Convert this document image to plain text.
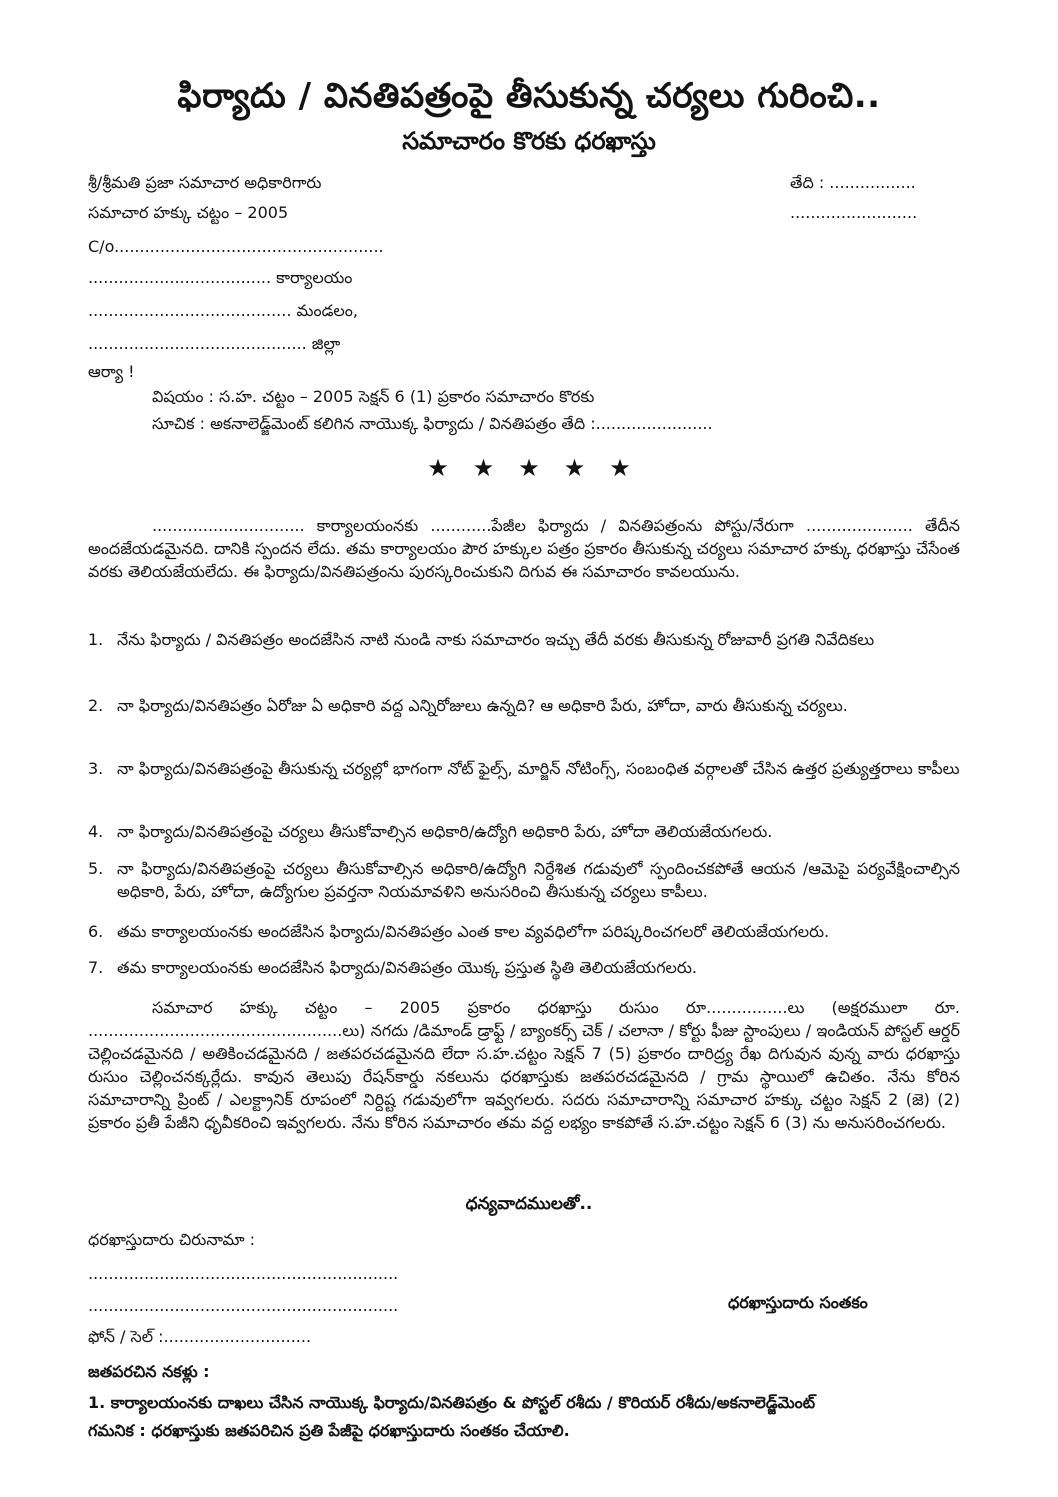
ఫిర్యాదు / వినతిపత్రంపై తీసుకున్న చర్యలు గురించి..
సమాచారం కొరకు ధరఖాస్తు
శ్రీ/శ్రీమతి ప్రజా సమాచార అధికారిగారు	తేది : .................
సమాచార హక్కు చట్టం – 2005	.........................
C/o.....................................................
.................................... కార్యాలయం
........................................ మండలం,
........................................... జిల్లా
ఆర్యా !
విషయం : స.హ. చట్టం – 2005 సెక్షన్ 6 (1) ప్రకారం సమాచారం కొరకు
సూచిక : అకనాలెడ్జ్‌మెంట్ కలిగిన నాయొక్క ఫిర్యాదు / వినతిపత్రం తేది :.......................
★★★★★
.............................. కార్యాలయంనకు ............పేజీల ఫిర్యాదు / వినతిపత్రంను పోస్టు/నేరుగా ..................... తేదీన అందజేయడమైనది. దానికి స్పందన లేదు. తమ కార్యాలయం పౌర హక్కుల పత్రం ప్రకారం తీసుకున్న చర్యలు సమాచార హక్కు ధరఖాస్తు చేసేంత వరకు తెలియజేయలేదు. ఈ ఫిర్యాదు/వినతిపత్రంను పురస్కరించుకుని దిగువ ఈ సమాచారం కావలయును.
1. నేను ఫిర్యాదు / వినతిపత్రం అందజేసిన నాటి నుండి నాకు సమాచారం ఇచ్చు తేదీ వరకు తీసుకున్న రోజువారీ ప్రగతి నివేదికలు
2. నా ఫిర్యాదు/వినతిపత్రం ఏరోజు ఏ అధికారి వద్ద ఎన్నిరోజులు ఉన్నది? ఆ అధికారి పేరు, హోదా, వారు తీసుకున్న చర్యలు.
3. నా ఫిర్యాదు/వినతిపత్రంపై తీసుకున్న చర్యల్లో భాగంగా నోట్ ఫైల్స్, మార్జిన్ నోటింగ్స్, సంబంధిత వర్గాలతో చేసిన ఉత్తర ప్రత్యుత్తరాలు కాపీలు
4. నా ఫిర్యాదు/వినతిపత్రంపై చర్యలు తీసుకోవాల్సిన అధికారి/ఉద్యోగి అధికారి పేరు, హోదా తెలియజేయగలరు.
5. నా ఫిర్యాదు/వినతిపత్రంపై చర్యలు తీసుకోవాల్సిన అధికారి/ఉద్యోగి నిర్దేశిత గడువులో స్పందించకపోతే ఆయన /ఆమెపై పర్యవేక్షించాల్సిన అధికారి, పేరు, హోదా, ఉద్యోగుల ప్రవర్తనా నియమావళిని అనుసరించి తీసుకున్న చర్యలు కాపీలు.
6. తమ కార్యాలయంనకు అందజేసిన ఫిర్యాదు/వినతిపత్రం ఎంత కాల వ్యవధిలోగా పరిష్కరించగలరో తెలియజేయగలరు.
7. తమ కార్యాలయంనకు అందజేసిన ఫిర్యాదు/వినతిపత్రం యొక్క ప్రస్తుత స్థితి తెలియజేయగలరు.
సమాచార హక్కు చట్టం – 2005 ప్రకారం ధరఖాస్తు రుసుం రూ................లు (అక్షరములా రూ. ..................................................లు) నగదు /డిమాండ్ డ్రాఫ్ట్ / బ్యాంకర్స్ చెక్ / చలానా / కోర్టు ఫీజు స్టాంపులు / ఇండియన్ పోస్టల్ ఆర్డర్ చెల్లించడమైనది / అతికించడమైనది / జతపరచడమైనది లేదా స.హ.చట్టం సెక్షన్ 7 (5) ప్రకారం దారిద్ర్య రేఖ దిగువున వున్న వారు ధరఖాస్తు రుసుం చెల్లించనక్కర్లేదు. కావున తెలుపు రేషన్‌కార్డు నకలును ధరఖాస్తుకు జతపరచడమైనది / గ్రామ స్థాయిలో ఉచితం. నేను కోరిన సమాచారాన్ని ప్రింట్ / ఎలక్ట్రానిక్ రూపంలో నిర్దిష్ట గడువులోగా ఇవ్వగలరు. సదరు సమాచారాన్ని సమాచార హక్కు చట్టం సెక్షన్ 2 (జె) (2) ప్రకారం ప్రతీ పేజీని ధృవీకరించి ఇవ్వగలరు. నేను కోరిన సమాచారం తమ వద్ద లభ్యం కాకపోతే స.హ.చట్టం సెక్షన్ 6 (3) ను అనుసరించగలరు.
ధన్యవాదములతో..
ధరఖాస్తుదారు చిరునామా :
.............................................................
.............................................................	ధరఖాస్తుదారు సంతకం
ఫోన్ / సెల్ :.............................
జతపరచిన నకళ్లు :
1. కార్యాలయంనకు దాఖలు చేసిన నాయొక్క ఫిర్యాదు/వినతిపత్రం & పోస్టల్ రశీదు / కొరియర్ రశీదు/అకనాలెడ్జ్‌మెంట్
గమనిక : ధరఖాస్తుకు జతపరిచిన ప్రతి పేజీపై ధరఖాస్తుదారు సంతకం చేయాలి.
